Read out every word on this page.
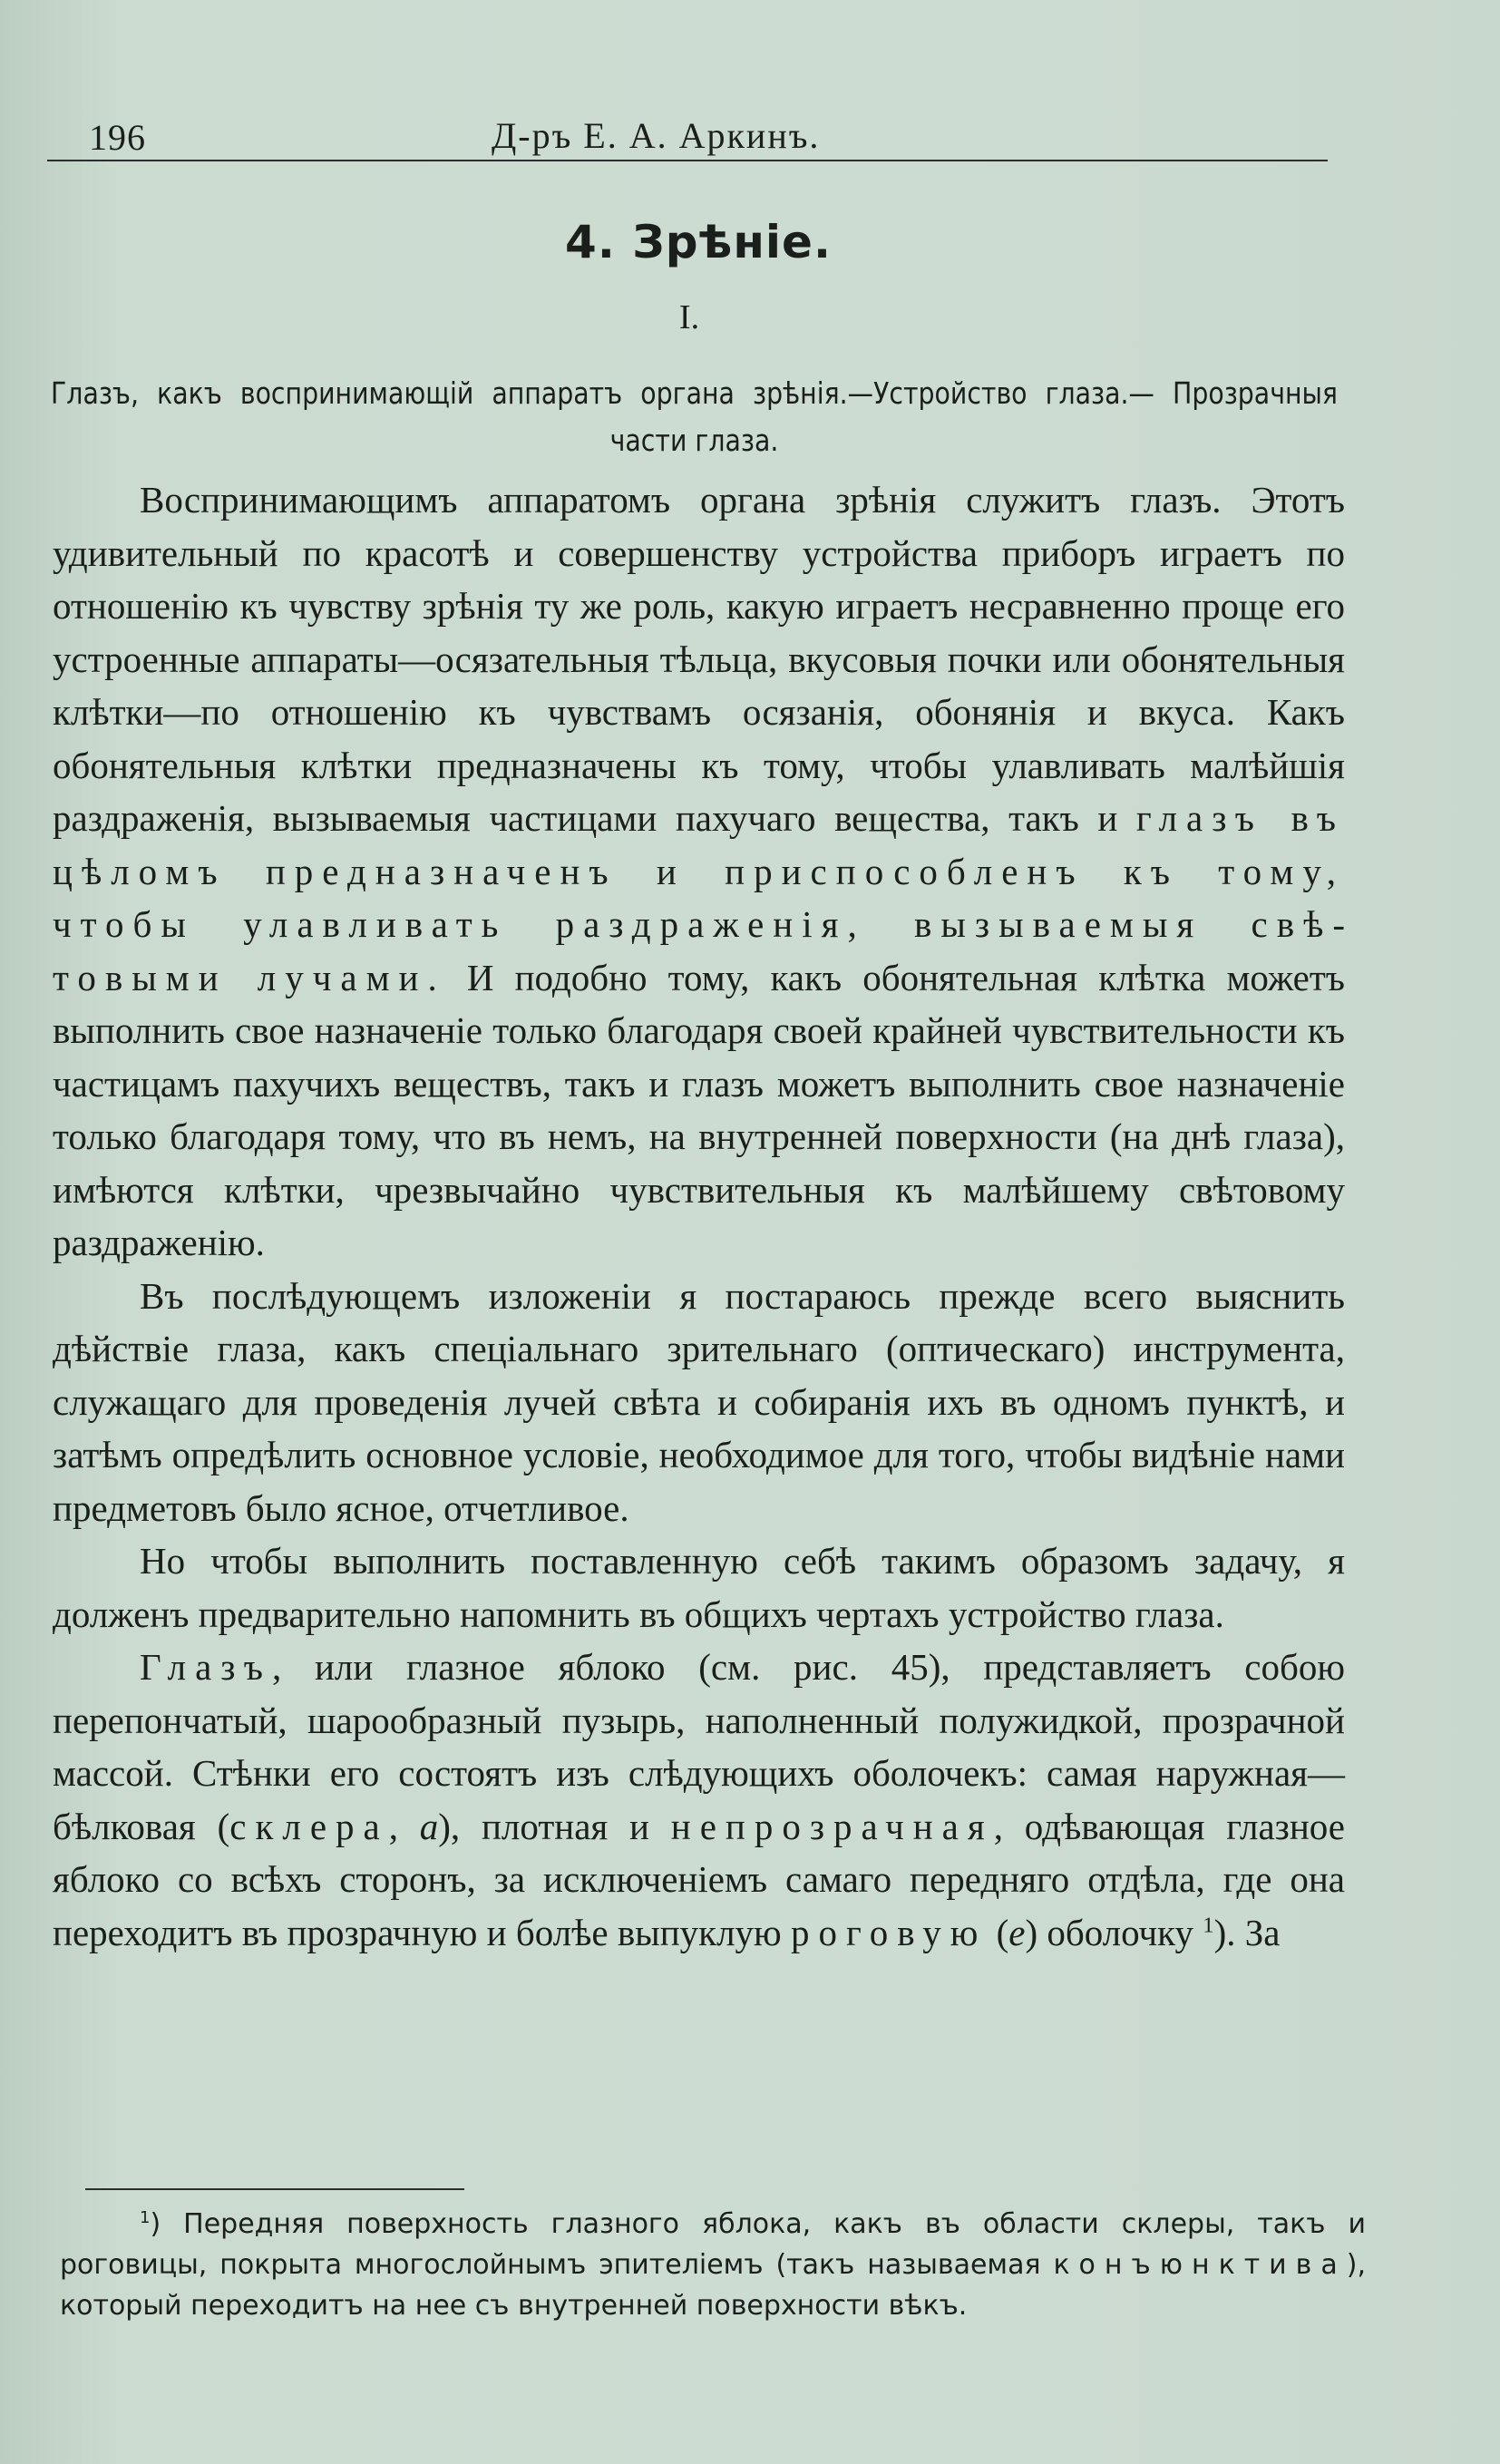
196	Д-ръ Е. А. Аркинъ.
4. Зрѣніе.
I.
Глазъ, какъ воспринимающій аппаратъ органа зрѣнія.—Устройство глаза.— Прозрачныя части глаза.

Воспринимающимъ аппаратомъ органа зрѣнія служитъ глазъ. Этотъ удивительный по красотѣ и совершенству устройства приборъ играетъ по отношенію къ чувству зрѣнія ту же роль, какую играетъ несравненно проще его устроенные аппараты—осязательныя тѣльца, вкусовыя почки или обонятельныя клѣтки—по отношенію къ чувствамъ осязанія, обонянія и вкуса. Какъ обонятельныя клѣтки предназначены къ тому, чтобы улавливать малѣйшія раздраженія, вызываемыя частицами пахучаго вещества, такъ и глазъ въ цѣломъ предназначенъ и приспособленъ къ тому, чтобы улавливать раздраженія, вызываемыя свѣтовыми лучами. И подобно тому, какъ обонятельная клѣтка можетъ выполнить свое назначеніе только благодаря своей крайней чувствительности къ частицамъ пахучихъ веществъ, такъ и глазъ можетъ выполнить свое назначеніе только благодаря тому, что въ немъ, на внутренней поверхности (на днѣ глаза), имѣются клѣтки, чрезвычайно чувствительныя къ малѣйшему свѣтовому раздраженію.

Въ послѣдующемъ изложеніи я постараюсь прежде всего выяснить дѣйствіе глаза, какъ спеціальнаго зрительнаго (оптическаго) инструмента, служащаго для проведенія лучей свѣта и собиранія ихъ въ одномъ пунктѣ, и затѣмъ опредѣлить основное условіе, необходимое для того, чтобы видѣніе нами предметовъ было ясное, отчетливое.

Но чтобы выполнить поставленную себѣ такимъ образомъ задачу, я долженъ предварительно напомнить въ общихъ чертахъ устройство глаза.

Глазъ, или глазное яблоко (см. рис. 45), представляетъ собою перепончатый, шарообразный пузырь, наполненный полужидкой, прозрачной массой. Стѣнки его состоятъ изъ слѣдующихъ оболочекъ: самая наружная—бѣлковая (склера, a), плотная и непрозрачная, одѣвающая глазное яблоко со всѣхъ сторонъ, за исключеніемъ самаго передняго отдѣла, где она переходитъ въ прозрачную и болѣе выпуклую роговую (e) оболочку $^1$). За

$^1$) Передняя поверхность глазного яблока, какъ въ области склеры, такъ и роговицы, покрыта многослойнымъ эпителіемъ (такъ называемая конъюнктива), который переходитъ на нее съ внутренней поверхности вѣкъ.
